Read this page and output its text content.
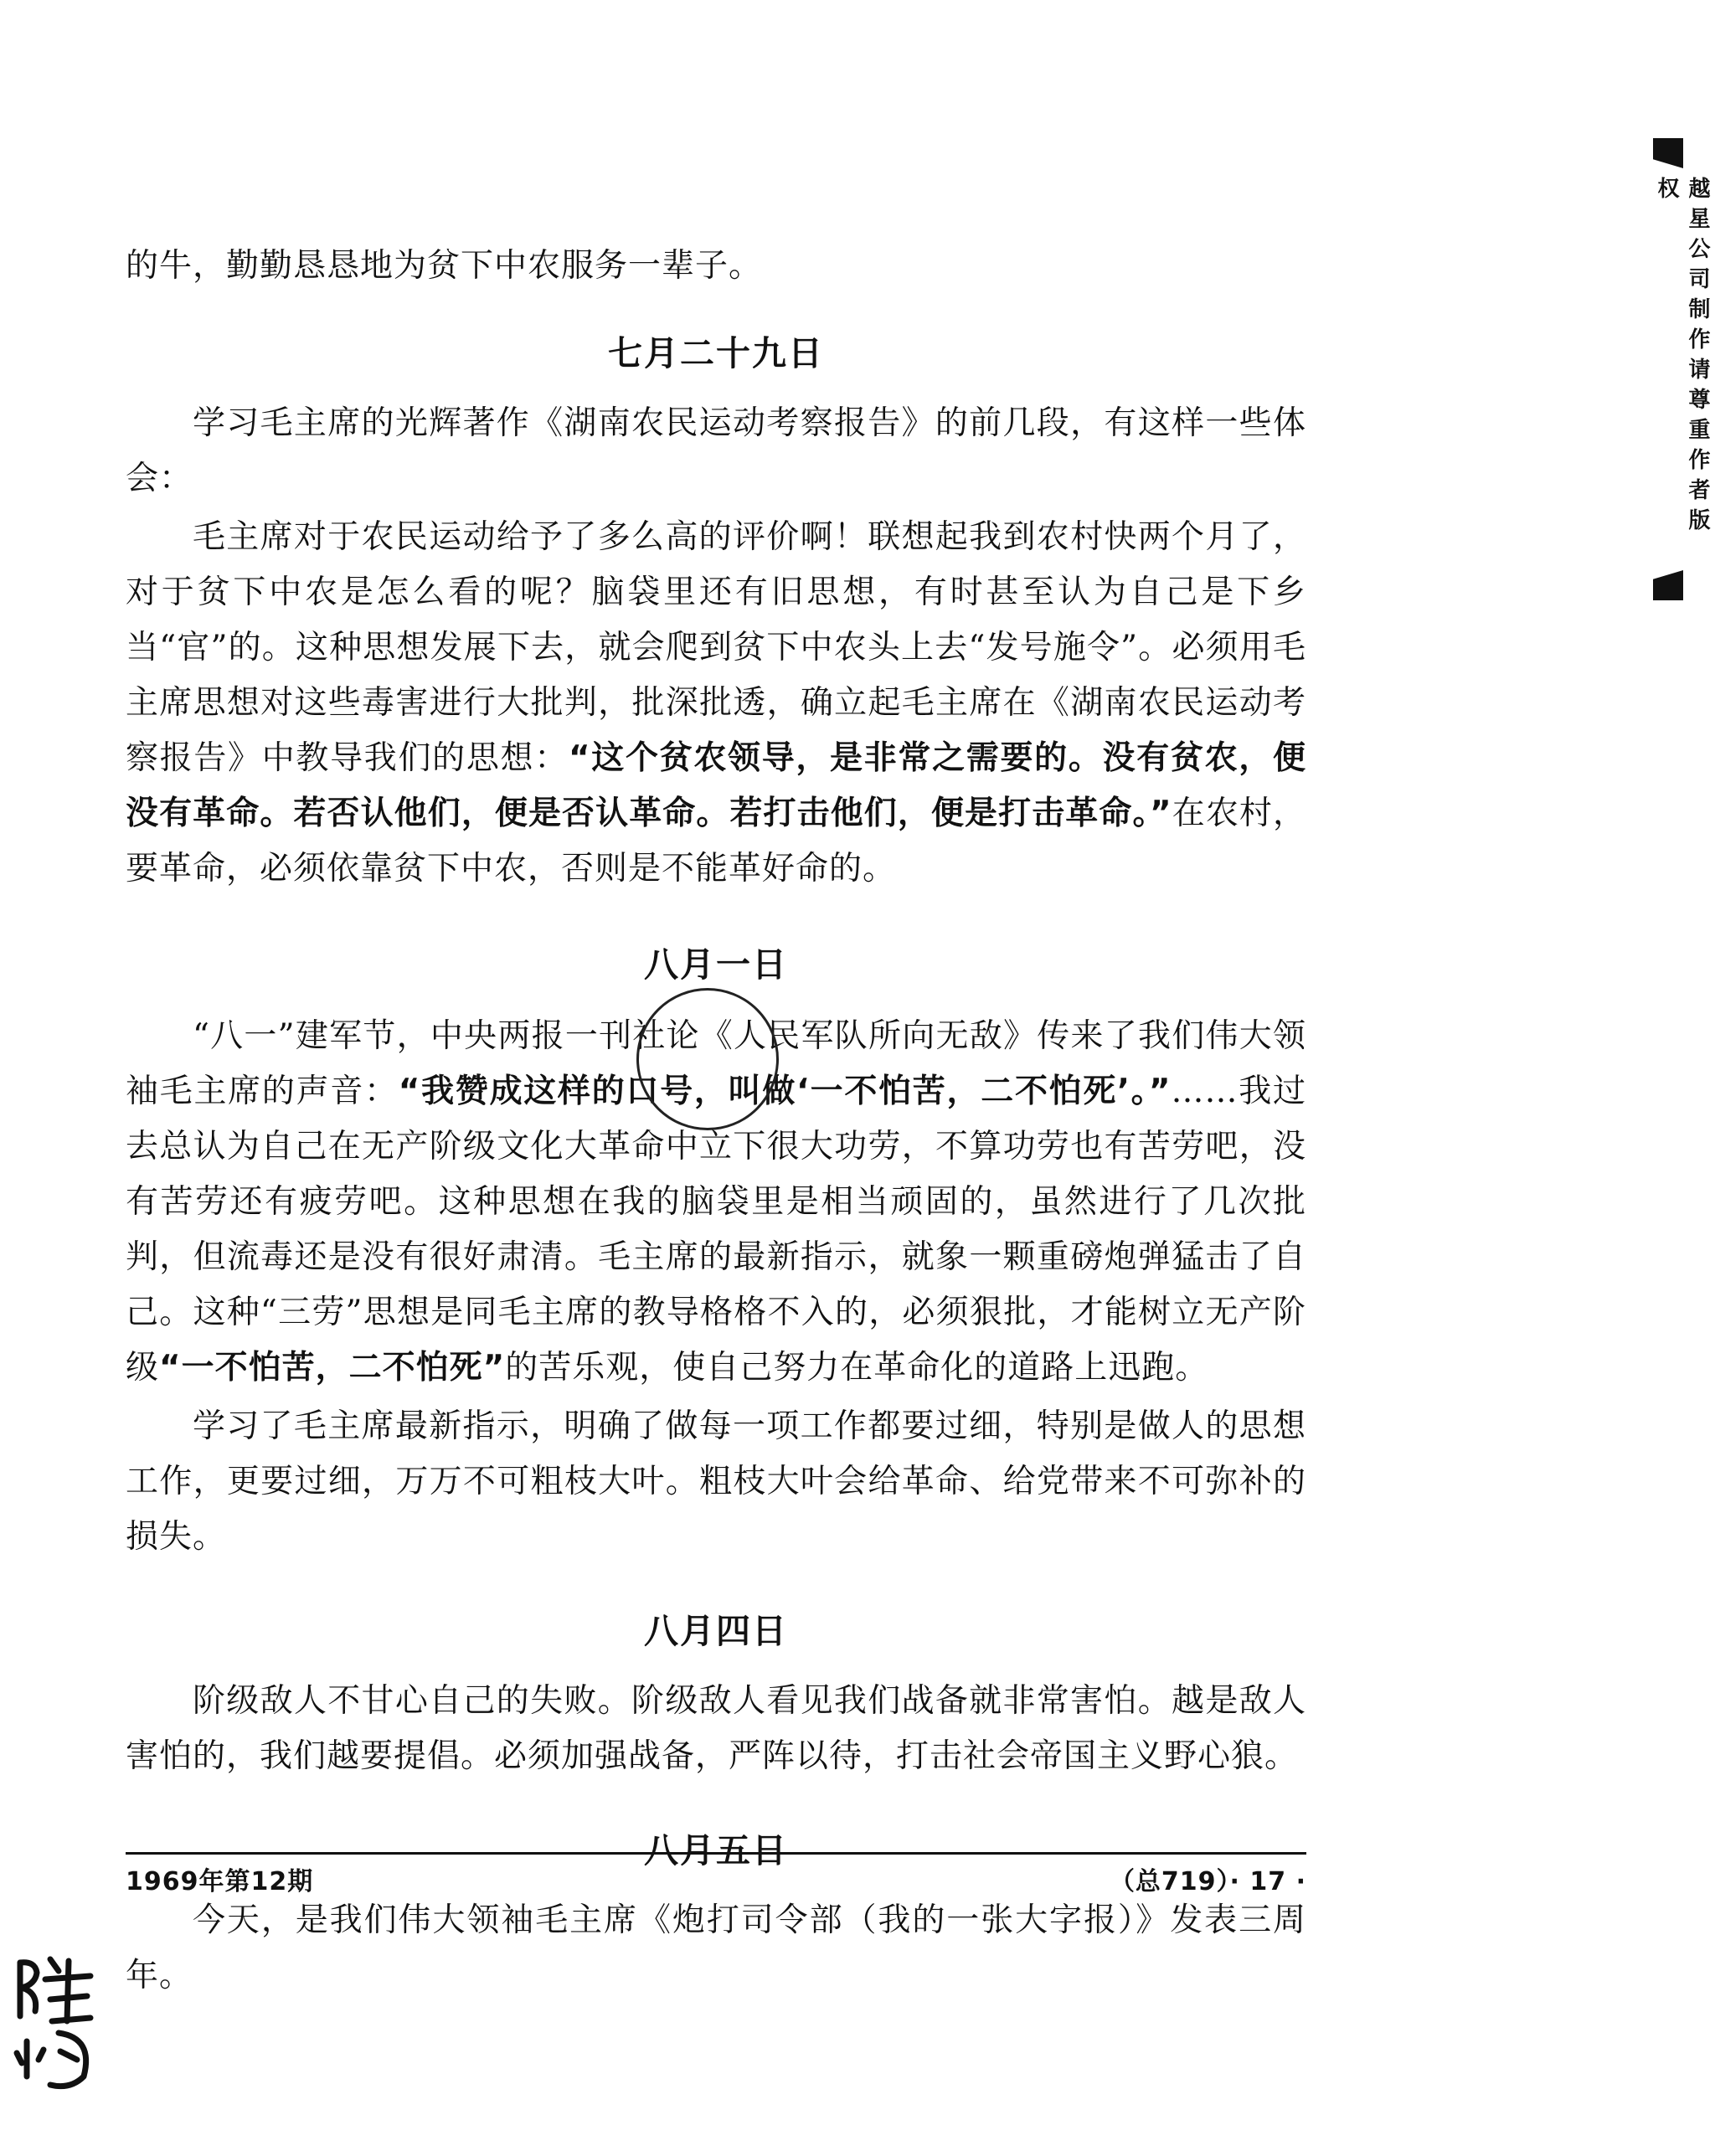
的牛，勤勤恳恳地为贫下中农服务一辈子。

七月二十九日

学习毛主席的光辉著作《湖南农民运动考察报告》的前几段，有这样一些体会：

毛主席对于农民运动给予了多么高的评价啊！联想起我到农村快两个月了，对于贫下中农是怎么看的呢？脑袋里还有旧思想，有时甚至认为自己是下乡当“官”的。这种思想发展下去，就会爬到贫下中农头上去“发号施令”。必须用毛主席思想对这些毒害进行大批判，批深批透，确立起毛主席在《湖南农民运动考察报告》中教导我们的思想：“这个贫农领导，是非常之需要的。没有贫农，便没有革命。若否认他们，便是否认革命。若打击他们，便是打击革命。”在农村，要革命，必须依靠贫下中农，否则是不能革好命的。

八月一日

“八一”建军节，中央两报一刊社论《人民军队所向无敌》传来了我们伟大领袖毛主席的声音：“我赞成这样的口号，叫做‘一不怕苦，二不怕死’。”……我过去总认为自己在无产阶级文化大革命中立下很大功劳，不算功劳也有苦劳吧，没有苦劳还有疲劳吧。这种思想在我的脑袋里是相当顽固的，虽然进行了几次批判，但流毒还是没有很好肃清。毛主席的最新指示，就象一颗重磅炮弹猛击了自己。这种“三劳”思想是同毛主席的教导格格不入的，必须狠批，才能树立无产阶级“一不怕苦，二不怕死”的苦乐观，使自己努力在革命化的道路上迅跑。

学习了毛主席最新指示，明确了做每一项工作都要过细，特别是做人的思想工作，更要过细，万万不可粗枝大叶。粗枝大叶会给革命、给党带来不可弥补的损失。

八月四日

阶级敌人不甘心自己的失败。阶级敌人看见我们战备就非常害怕。越是敌人害怕的，我们越要提倡。必须加强战备，严阵以待，打击社会帝国主义野心狼。

八月五日

今天，是我们伟大领袖毛主席《炮打司令部（我的一张大字报）》发表三周年。

1969年第12期	（总719）· 17 ·
越星公司制作请尊重作者版权
